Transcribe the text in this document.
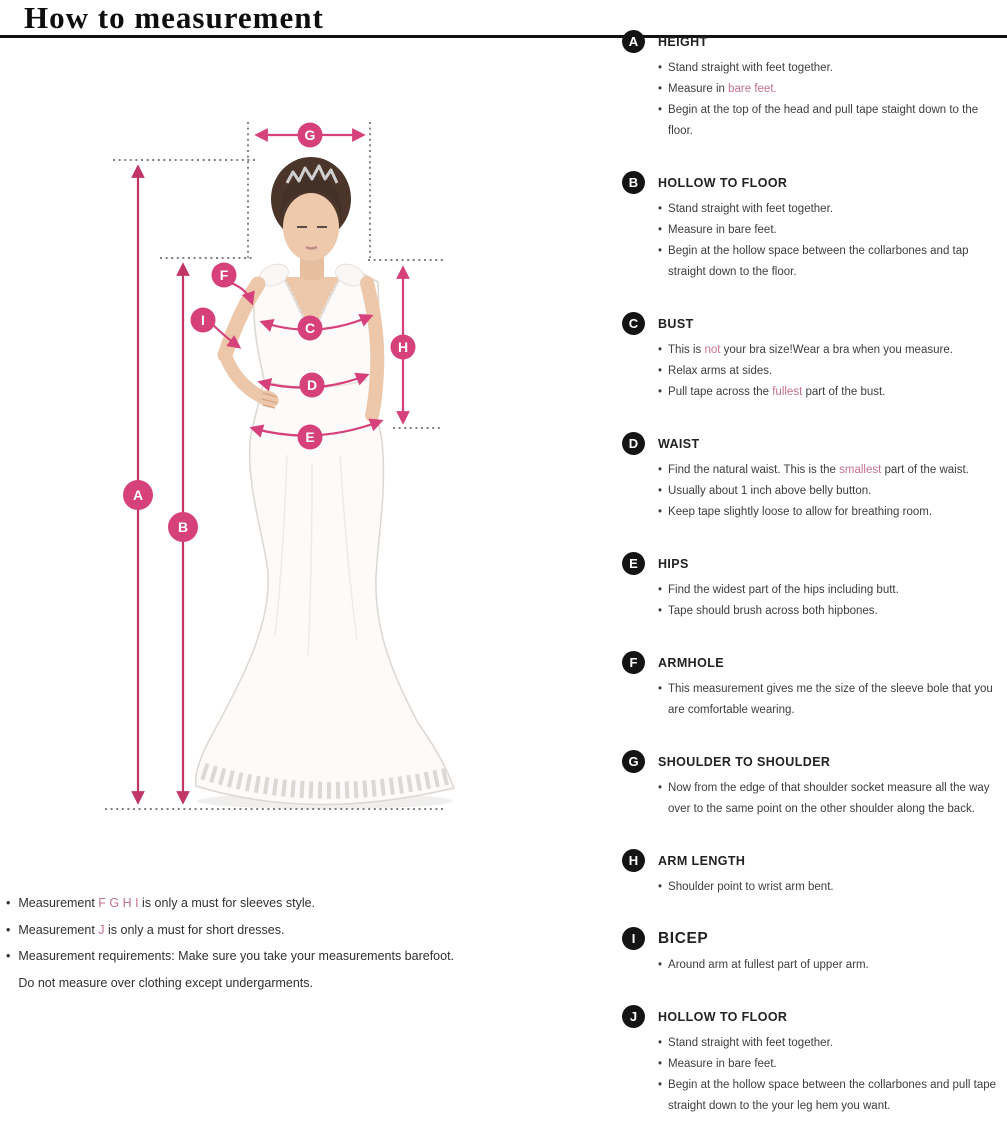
How to measurement
A
B
C
D
E
F
G
H
I
A	HEIGHT
• Stand straight with feet together.
• Measure in bare feet.
• Begin at the top of the head and pull tape staight down to the floor.
B	HOLLOW TO FLOOR
• Stand straight with feet together.
• Measure in bare feet.
• Begin at the hollow space between the collarbones and tap straight down to the floor.
C	BUST
• This is not your bra size!Wear a bra when you measure.
• Relax arms at sides.
• Pull tape across the fullest part of the bust.
D	WAIST
• Find the natural waist. This is the smallest part of the waist.
• Usually about 1 inch above belly button.
• Keep tape slightly loose to allow for breathing room.
E	HIPS
• Find the widest part of the hips including butt.
• Tape should brush across both hipbones.
F	ARMHOLE
• This measurement gives me the size of the sleeve bole that you are comfortable wearing.
G	SHOULDER TO SHOULDER
• Now from the edge of that shoulder socket measure all the way over to the same point on the other shoulder along the back.
H	ARM LENGTH
• Shoulder point to wrist arm bent.
I	BICEP
• Around arm at fullest part of upper arm.
J	HOLLOW TO FLOOR
• Stand straight with feet together.
• Measure in bare feet.
• Begin at the hollow space between the collarbones and pull tape straight down to the your leg hem you want.
• Measurement F G H I is only a must for sleeves style.
• Measurement J is only a must for short dresses.
• Measurement requirements: Make sure you take your measurements barefoot.
Do not measure over clothing except undergarments.
